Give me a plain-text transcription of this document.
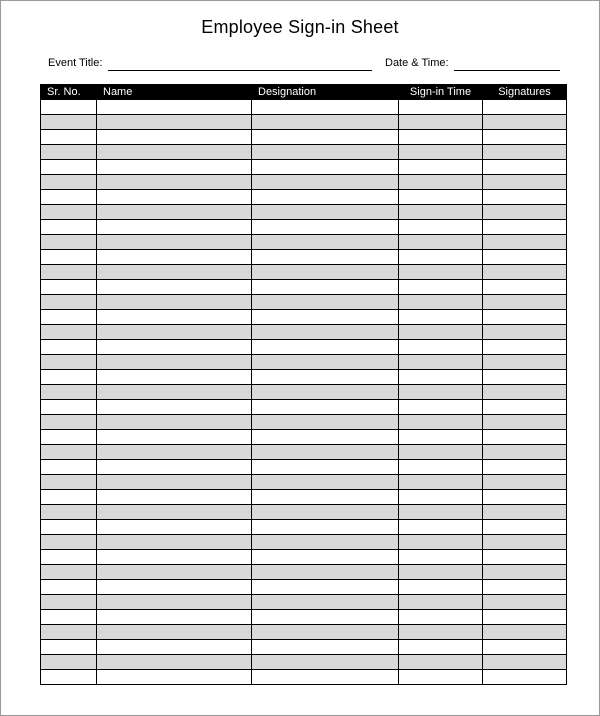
Employee Sign-in Sheet
Event Title:	Date & Time:
Sr. No.	Name	Designation	Sign-in Time	Signatures
